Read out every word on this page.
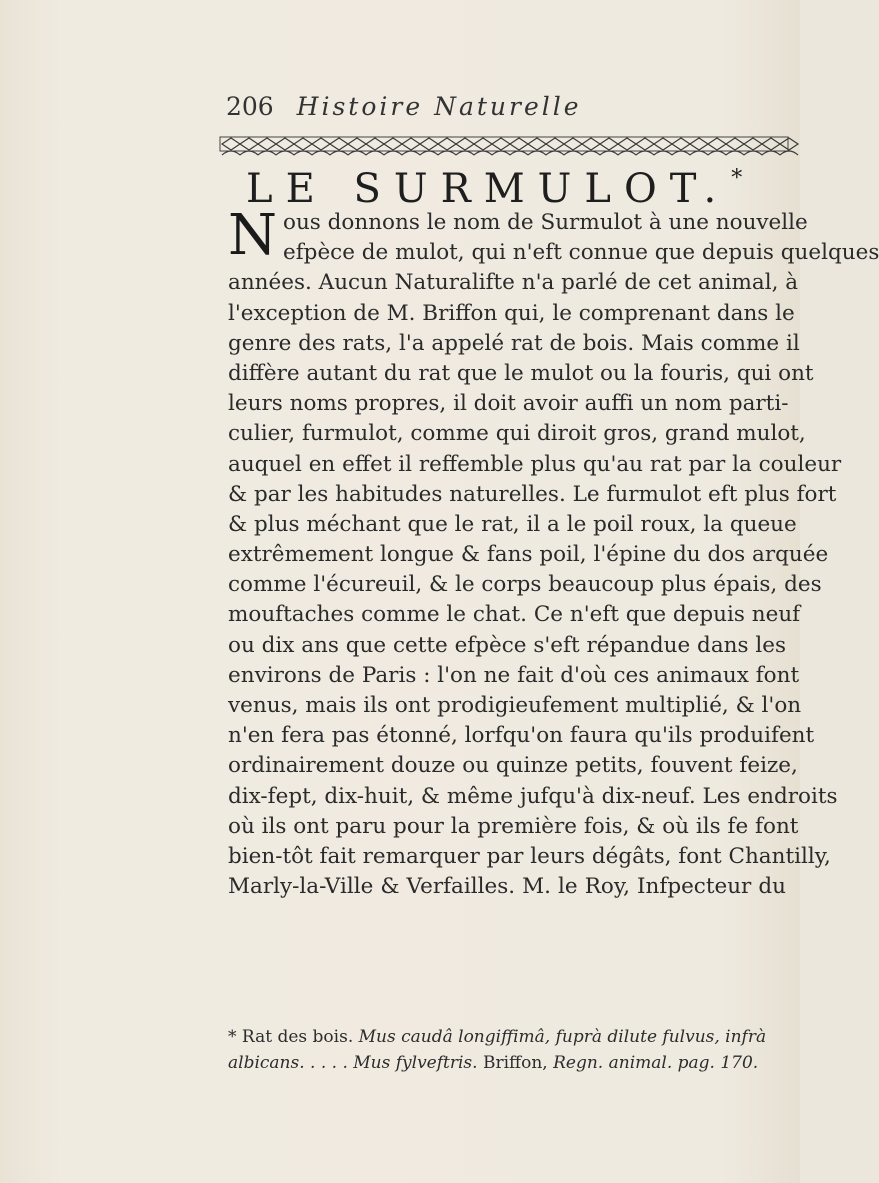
206 Histoire Naturelle
LE SURMULOT.*
N ous donnons le nom de Surmulot à une nouvelle
efpèce de mulot, qui n'eft connue que depuis quelques
années. Aucun Naturalifte n'a parlé de cet animal, à
l'exception de M. Briffon qui, le comprenant dans le
genre des rats, l'a appelé rat de bois. Mais comme il
diffère autant du rat que le mulot ou la fouris, qui ont
leurs noms propres, il doit avoir auffi un nom parti-
culier, furmulot, comme qui diroit gros, grand mulot,
auquel en effet il reffemble plus qu'au rat par la couleur
& par les habitudes naturelles. Le furmulot eft plus fort
& plus méchant que le rat, il a le poil roux, la queue
extrêmement longue & fans poil, l'épine du dos arquée
comme l'écureuil, & le corps beaucoup plus épais, des
mouftaches comme le chat. Ce n'eft que depuis neuf
ou dix ans que cette efpèce s'eft répandue dans les
environs de Paris : l'on ne fait d'où ces animaux font
venus, mais ils ont prodigieufement multiplié, & l'on
n'en fera pas étonné, lorfqu'on faura qu'ils produifent
ordinairement douze ou quinze petits, fouvent feize,
dix-fept, dix-huit, & même jufqu'à dix-neuf. Les endroits
où ils ont paru pour la première fois, & où ils fe font
bien-tôt fait remarquer par leurs dégâts, font Chantilly,
Marly-la-Ville & Verfailles. M. le Roy, Infpecteur du
* Rat des bois. Mus caudâ longiffimâ, fuprà dilute fulvus, infrà
albicans. . . . . Mus fylveftris. Briffon, Regn. animal. pag. 170.
